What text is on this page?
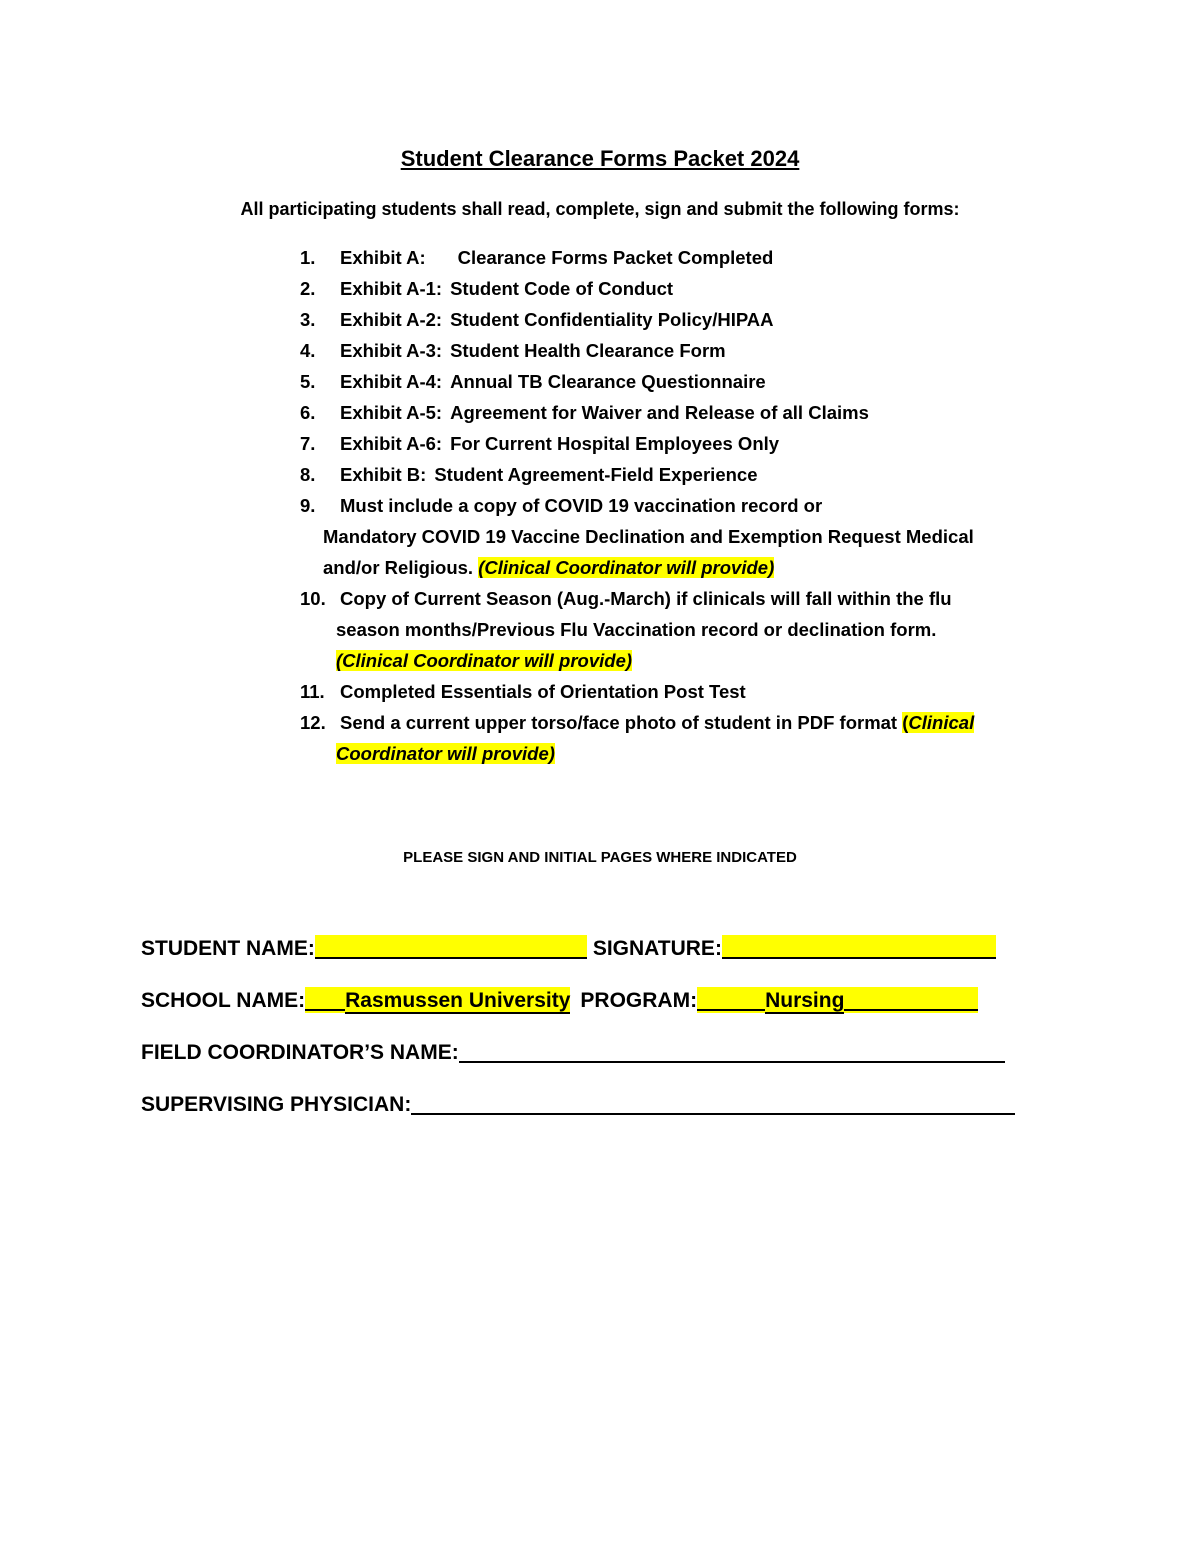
Student Clearance Forms Packet 2024
All participating students shall read, complete, sign and submit the following forms:
1. Exhibit A: Clearance Forms Packet Completed
2. Exhibit A-1: Student Code of Conduct
3. Exhibit A-2: Student Confidentiality Policy/HIPAA
4. Exhibit A-3: Student Health Clearance Form
5. Exhibit A-4: Annual TB Clearance Questionnaire
6. Exhibit A-5: Agreement for Waiver and Release of all Claims
7. Exhibit A-6: For Current Hospital Employees Only
8. Exhibit B: Student Agreement-Field Experience
9. Must include a copy of COVID 19 vaccination record or
Mandatory COVID 19 Vaccine Declination and Exemption Request Medical
and/or Religious. (Clinical Coordinator will provide)
10. Copy of Current Season (Aug.-March) if clinicals will fall within the flu
season months/Previous Flu Vaccination record or declination form.
(Clinical Coordinator will provide)
11. Completed Essentials of Orientation Post Test
12. Send a current upper torso/face photo of student in PDF format (Clinical
Coordinator will provide)
PLEASE SIGN AND INITIAL PAGES WHERE INDICATED
STUDENT NAME:	SIGNATURE:
SCHOOL NAME: Rasmussen University PROGRAM:	Nursing
FIELD COORDINATOR’S NAME:
SUPERVISING PHYSICIAN:
